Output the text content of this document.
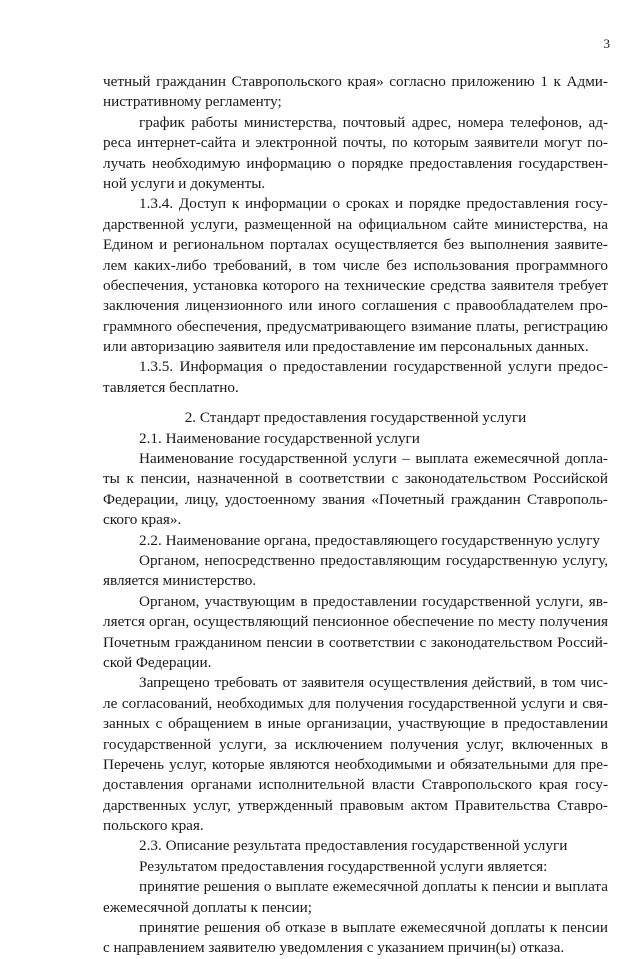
3
четный гражданин Ставропольского края» согласно приложению 1 к Адми-
нистративному регламенту;
график работы министерства, почтовый адрес, номера телефонов, ад-
реса интернет-сайта и электронной почты, по которым заявители могут по-
лучать необходимую информацию о порядке предоставления государствен-
ной услуги и документы.
1.3.4. Доступ к информации о сроках и порядке предоставления госу-
дарственной услуги, размещенной на официальном сайте министерства, на
Едином и региональном порталах осуществляется без выполнения заявите-
лем каких-либо требований, в том числе без использования программного
обеспечения, установка которого на технические средства заявителя требует
заключения лицензионного или иного соглашения с правообладателем про-
граммного обеспечения, предусматривающего взимание платы, регистрацию
или авторизацию заявителя или предоставление им персональных данных.
1.3.5. Информация о предоставлении государственной услуги предос-
тавляется бесплатно.
2. Стандарт предоставления государственной услуги
2.1. Наименование государственной услуги
Наименование государственной услуги – выплата ежемесячной допла-
ты к пенсии, назначенной в соответствии с законодательством Российской
Федерации, лицу, удостоенному звания «Почетный гражданин Ставрополь-
ского края».
2.2. Наименование органа, предоставляющего государственную услугу
Органом, непосредственно предоставляющим государственную услугу,
является министерство.
Органом, участвующим в предоставлении государственной услуги, яв-
ляется орган, осуществляющий пенсионное обеспечение по месту получения
Почетным гражданином пенсии в соответствии с законодательством Россий-
ской Федерации.
Запрещено требовать от заявителя осуществления действий, в том чис-
ле согласований, необходимых для получения государственной услуги и свя-
занных с обращением в иные организации, участвующие в предоставлении
государственной услуги, за исключением получения услуг, включенных в
Перечень услуг, которые являются необходимыми и обязательными для пре-
доставления органами исполнительной власти Ставропольского края госу-
дарственных услуг, утвержденный правовым актом Правительства Ставро-
польского края.
2.3. Описание результата предоставления государственной услуги
Результатом предоставления государственной услуги является:
принятие решения о выплате ежемесячной доплаты к пенсии и выплата
ежемесячной доплаты к пенсии;
принятие решения об отказе в выплате ежемесячной доплаты к пенсии
с направлением заявителю уведомления с указанием причин(ы) отказа.
